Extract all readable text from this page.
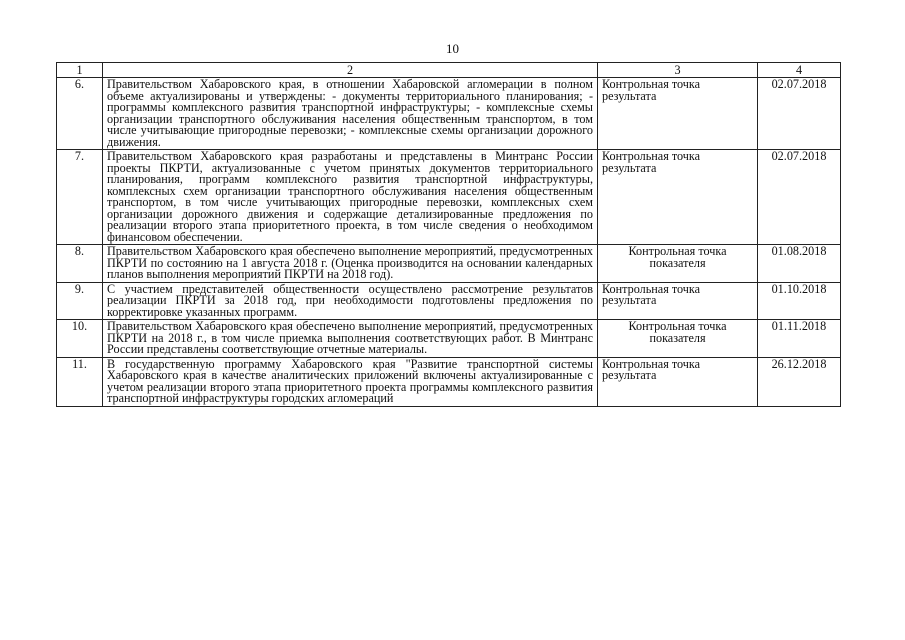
10
1	2	3	4
6.	Правительством Хабаровского края, в отношении Хабаровской агломерации в полном объеме актуализированы и утверждены: - документы территориального планирования; - программы комплексного развития транспортной инфраструктуры; - комплексные схемы организации транспортного обслуживания населения общественным транспортом, в том числе учитывающие пригородные перевозки; - комплексные схемы организации дорожного движения.	Контрольная точка результата	02.07.2018
7.	Правительством Хабаровского края разработаны и представлены в Минтранс России проекты ПКРТИ, актуализованные с учетом принятых документов территориального планирования, программ комплексного развития транспортной инфраструктуры, комплексных схем организации транспортного обслуживания населения общественным транспортом, в том числе учитывающих пригородные перевозки, комплексных схем организации дорожного движения и содержащие детализированные предложения по реализации второго этапа приоритетного проекта, в том числе сведения о необходимом финансовом обеспечении.	Контрольная точка результата	02.07.2018
8.	Правительством Хабаровского края обеспечено выполнение мероприятий, предусмотренных ПКРТИ по состоянию на 1 августа 2018 г. (Оценка производится на основании календарных планов выполнения мероприятий ПКРТИ на 2018 год).	Контрольная точка показателя	01.08.2018
9.	С участием представителей общественности осуществлено рассмотрение результатов реализации ПКРТИ за 2018 год, при необходимости подготовлены предложения по корректировке указанных программ.	Контрольная точка результата	01.10.2018
10.	Правительством Хабаровского края обеспечено выполнение мероприятий, предусмотренных ПКРТИ на 2018 г., в том числе приемка выполнения соответствующих работ. В Минтранс России представлены соответствующие отчетные материалы.	Контрольная точка показателя	01.11.2018
11.	В государственную программу Хабаровского края "Развитие транспортной системы Хабаровского края в качестве аналитических приложений включены актуализированные с учетом реализации второго этапа приоритетного проекта программы комплексного развития транспортной инфраструктуры городских агломераций	Контрольная точка результата	26.12.2018
